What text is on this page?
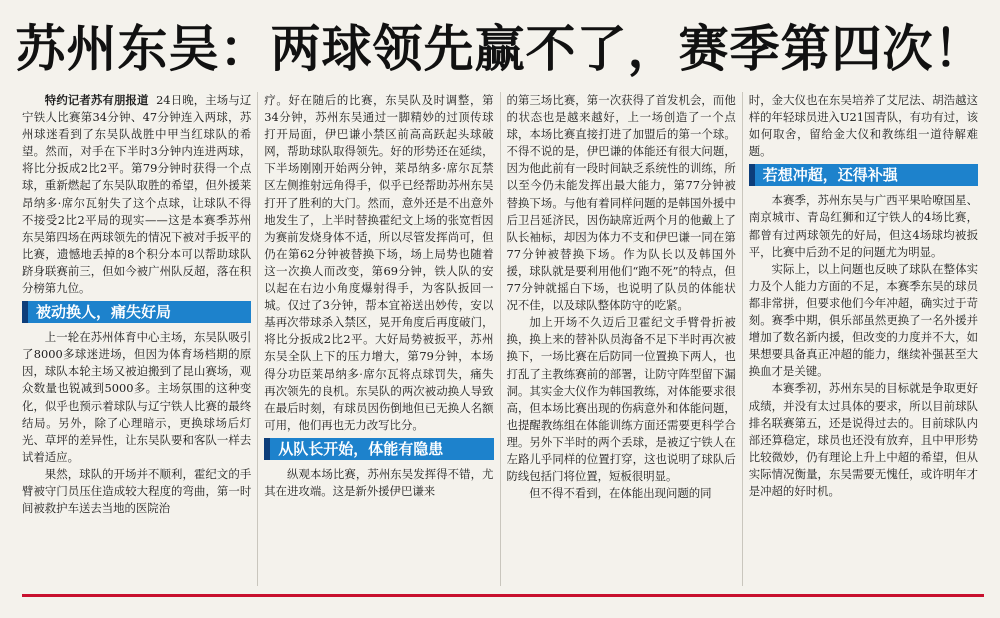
苏州东吴：两球领先赢不了，赛季第四次！

特约记者苏有朋报道 24日晚，主场与辽宁铁人比赛第34分钟、47分钟连入两球，苏州球迷看到了东吴队战胜中甲当红球队的希望。然而，对手在下半时3分钟内连进两球，将比分扳成2比2平。第79分钟时获得一个点球，重新燃起了东吴队取胜的希望，但外援莱昂纳多·席尔瓦射失了这个点球，让球队不得不接受2比2平局的现实——这是本赛季苏州东吴第四场在两球领先的情况下被对手扳平的比赛，遗憾地丢掉的8个积分本可以帮助球队跻身联赛前三，但如今被广州队反超，落在积分榜第九位。

被动换人，痛失好局

上一轮在苏州体育中心主场，东吴队吸引了8000多球迷进场，但因为体育场档期的原因，球队本轮主场又被迫搬到了昆山赛场，观众数量也锐减到5000多。主场氛围的这种变化，似乎也预示着球队与辽宁铁人比赛的最终结局。另外，除了心理暗示，更换球场后灯光、草坪的差异性，让东吴队要和客队一样去试着适应。

果然，球队的开场并不顺利，霍纪文的手臂被守门员压住造成较大程度的弯曲，第一时间被救护车送去当地的医院治

疗。好在随后的比赛，东吴队及时调整，第34分钟，苏州东吴通过一脚精妙的过顶传球打开局面，伊巴谦小禁区前高高跃起头球破网，帮助球队取得领先。好的形势还在延续，下半场刚刚开始两分钟，莱昂纳多·席尔瓦禁区左侧推射远角得手，似乎已经帮助苏州东吴打开了胜利的大门。然而，意外还是不出意外地发生了，上半时替换霍纪文上场的张宽哲因为赛前发烧身体不适，所以尽管发挥尚可，但仍在第62分钟被替换下场，场上局势也随着这一次换人而改变，第69分钟，铁人队的安以起在右边小角度爆射得手，为客队扳回一城。仅过了3分钟，帮本宜裕送出妙传，安以基再次带球杀入禁区，晃开角度后再度破门，将比分扳成2比2平。大好局势被扳平，苏州东吴全队上下的压力增大，第79分钟，本场得分功臣莱昂纳多·席尔瓦将点球罚失，痛失再次领先的良机。东吴队的两次被动换人导致在最后时刻，有球员因伤倒地但已无换人名额可用，他们再也无力改写比分。

从队长开始，体能有隐患

纵观本场比赛，苏州东吴发挥得不错，尤其在进攻端。这是新外援伊巴谦来

的第三场比赛，第一次获得了首发机会，而他的状态也是越来越好，上一场创造了一个点球，本场比赛直接打进了加盟后的第一个球。不得不说的是，伊巴谦的体能还有很大问题，因为他此前有一段时间缺乏系统性的训练，所以至今仍未能发挥出最大能力，第77分钟被替换下场。与他有着同样问题的是韩国外援中后卫吕延济民，因伤缺席近两个月的他戴上了队长袖标，却因为体力不支和伊巴谦一同在第77分钟被替换下场。作为队长以及韩国外援，球队就是要利用他们“跑不死”的特点，但77分钟就摇白下场，也说明了队员的体能状况不佳，以及球队整体防守的吃紧。

加上开场不久迈后卫霍纪文手臂骨折被换，换上来的替补队员海备不足下半时再次被换下，一场比赛在后防同一位置换下两人，也打乱了主教练赛前的部署，让防守阵型留下漏洞。其实金大仪作为韩国教练，对体能要求很高，但本场比赛出现的伤病意外和体能问题，也提醒教练组在体能训练方面还需要更科学合理。另外下半时的两个丢球，是被辽宁铁人在左路儿乎同样的位置打穿，这也说明了球队后防线包括门将位置，短板很明显。

但不得不看到，在体能出现问题的同

时，金大仪也在东吴培养了艾尼法、胡浩越这样的年轻球员进入U21国青队，有功有过，该如何取舍，留给金大仪和教练组一道待解难题。

若想冲超，还得补强

本赛季，苏州东吴与广西平果哈嘹国星、南京城市、青岛红狮和辽宁铁人的4场比赛，都曾有过两球领先的好局，但这4场球均被扳平，比赛中后劲不足的问题尤为明显。

实际上，以上问题也反映了球队在整体实力及个人能力方面的不足，本赛季东吴的球员都非常拼，但要求他们今年冲超，确实过于苛刻。赛季中期，俱乐部虽然更换了一名外援并增加了数名新内援，但改变的力度并不大，如果想要具备真正冲超的能力，继续补强甚至大换血才是关键。

本赛季初，苏州东吴的目标就是争取更好成绩，并没有太过具体的要求，所以目前球队排名联赛第五，还是说得过去的。目前球队内部还算稳定，球员也还没有放弃，且中甲形势比较微妙，仍有理论上升上中超的希望，但从实际情况衡量，东吴需要无愧任，或许明年才是冲超的好时机。
